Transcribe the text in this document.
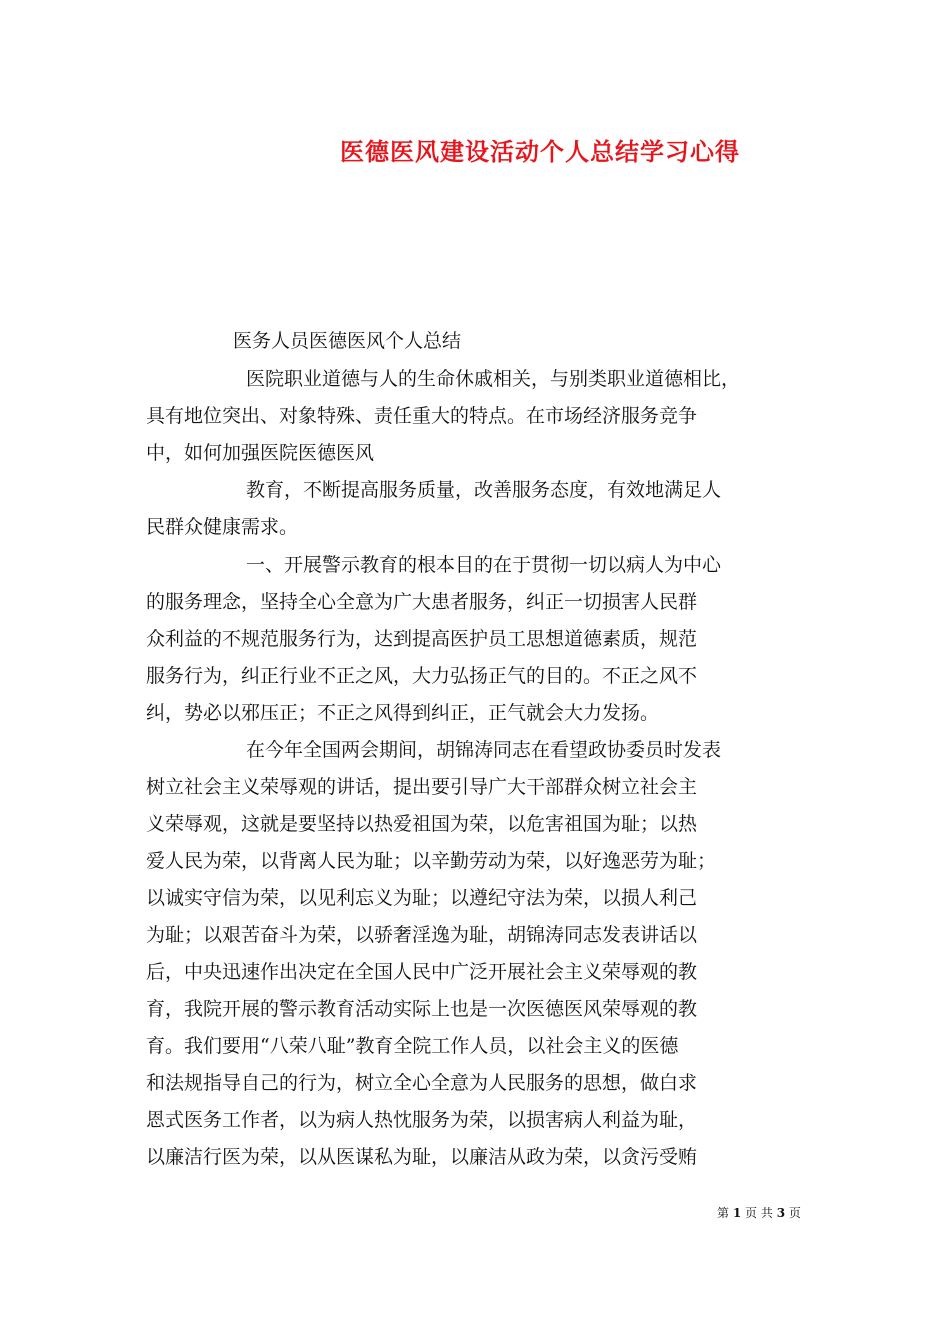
医德医风建设活动个人总结学习心得
医务人员医德医风个人总结
医院职业道德与人的生命休戚相关，与别类职业道德相比，
具有地位突出、对象特殊、责任重大的特点。在市场经济服务竞争
中，如何加强医院医德医风
教育，不断提高服务质量，改善服务态度，有效地满足人
民群众健康需求。
一、开展警示教育的根本目的在于贯彻一切以病人为中心
的服务理念，坚持全心全意为广大患者服务，纠正一切损害人民群
众利益的不规范服务行为，达到提高医护员工思想道德素质，规范
服务行为，纠正行业不正之风，大力弘扬正气的目的。不正之风不
纠，势必以邪压正；不正之风得到纠正，正气就会大力发扬。
在今年全国两会期间，胡锦涛同志在看望政协委员时发表
树立社会主义荣辱观的讲话，提出要引导广大干部群众树立社会主
义荣辱观，这就是要坚持以热爱祖国为荣，以危害祖国为耻；以热
爱人民为荣，以背离人民为耻；以辛勤劳动为荣，以好逸恶劳为耻；
以诚实守信为荣，以见利忘义为耻；以遵纪守法为荣，以损人利己
为耻；以艰苦奋斗为荣，以骄奢淫逸为耻，胡锦涛同志发表讲话以
后，中央迅速作出决定在全国人民中广泛开展社会主义荣辱观的教
育，我院开展的警示教育活动实际上也是一次医德医风荣辱观的教
育。我们要用“八荣八耻”教育全院工作人员，以社会主义的医德
和法规指导自己的行为，树立全心全意为人民服务的思想，做白求
恩式医务工作者，以为病人热忱服务为荣，以损害病人利益为耻，
以廉洁行医为荣，以从医谋私为耻，以廉洁从政为荣，以贪污受贿
第 1 页 共 3 页
